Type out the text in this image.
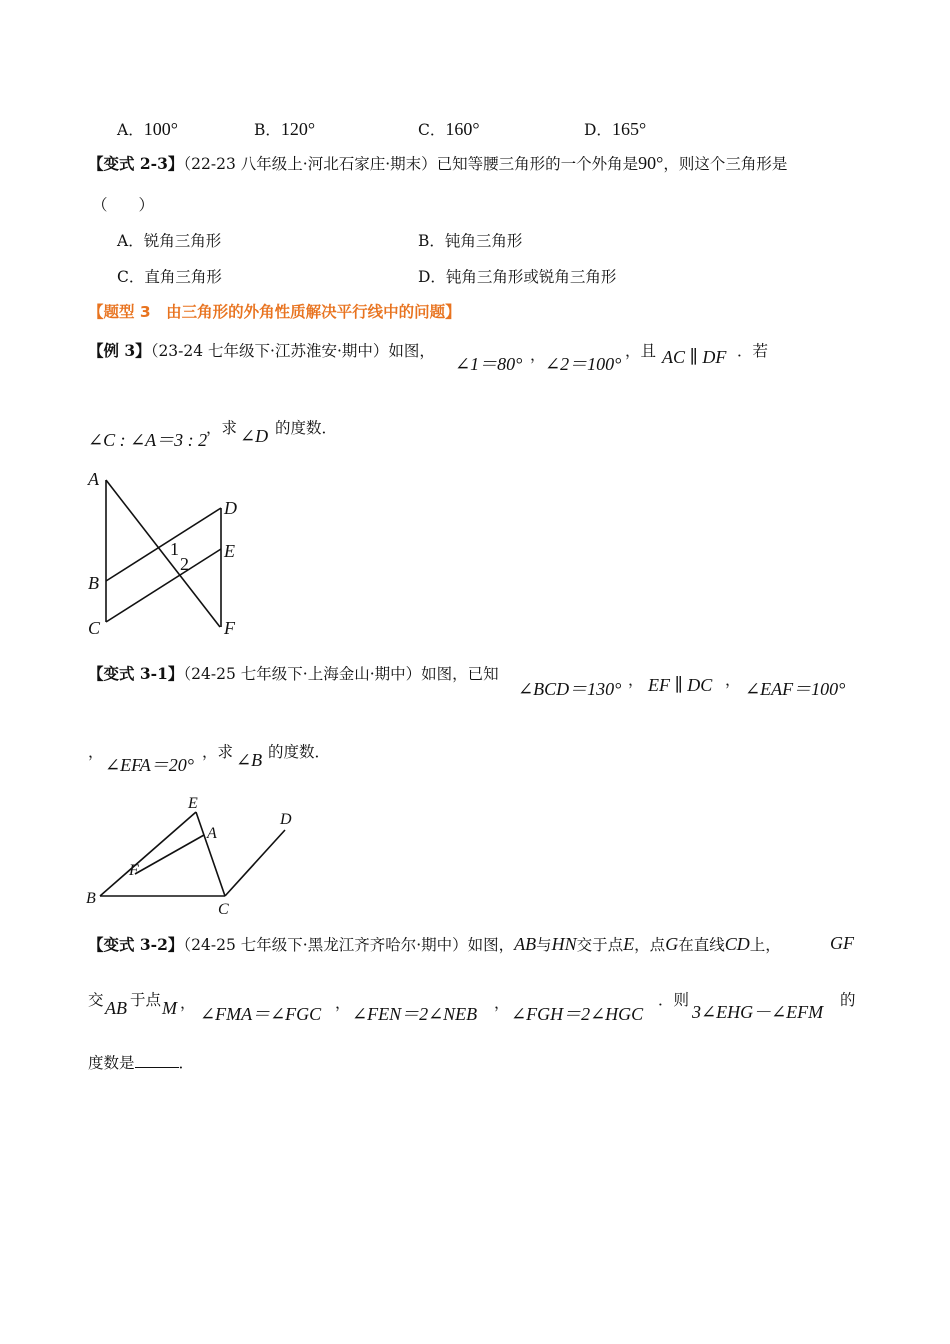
A．100°	B．120°	C．160°	D．165°
【变式 2-3】（22-23 八年级上·河北石家庄·期末）已知等腰三角形的一个外角是90°，则这个三角形是
（　　）
A．锐角三角形	B．钝角三角形
C．直角三角形	D．钝角三角形或锐角三角形
【题型 3　由三角形的外角性质解决平行线中的问题】
【例 3】（23-24 七年级下·江苏淮安·期中）如图，
∠1＝80° ， ∠2＝100°
，且 AC ∥ DF ．若
∠C : ∠A＝3 : 2
，求 ∠D 的度数．
A
B
C
D
E
F
1
2
【变式 3-1】（24-25 七年级下·上海金山·期中）如图，已知
∠BCD＝130° ， EF ∥ DC ， ∠EAF＝100°
，
∠EFA＝20°
，求 ∠B 的度数．
E
A
D
F
B
C
【变式 3-2】（24-25 七年级下·黑龙江齐齐哈尔·期中）如图，AB与HN交于点E，点G在直线CD上，	GF
交 AB 于点 M ，
∠FMA＝∠FGC
，
∠FEN＝2∠NEB
，
∠FGH＝2∠HGC
．则
3∠EHG－∠EFM
的
度数是	．
